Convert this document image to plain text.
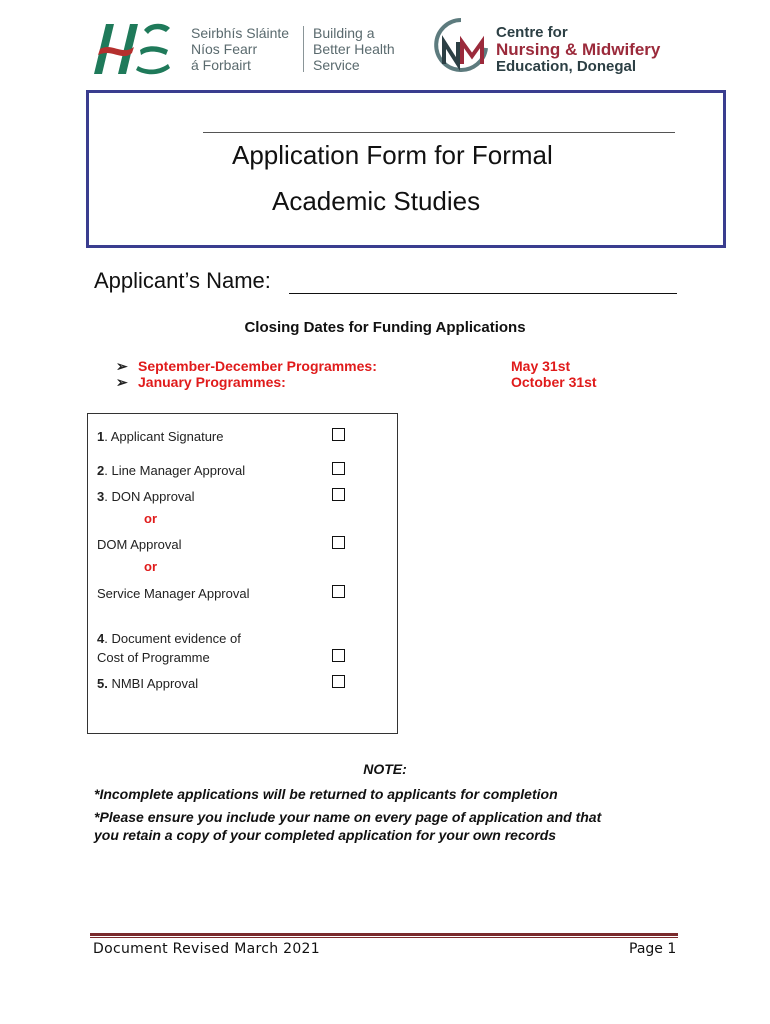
Seirbhís Sláinte
Níos Fearr
á Forbairt
Building a
Better Health
Service
Centre for
Nursing & Midwifery
Education, Donegal
Application Form for Formal
Academic Studies
Applicant’s Name:
Closing Dates for Funding Applications
➢ September-December Programmes:	May 31st
➢ January Programmes:	October 31st
1. Applicant Signature
2. Line Manager Approval
3. DON Approval
or
DOM Approval
or
Service Manager Approval
4. Document evidence of
Cost of Programme
5. NMBI Approval
NOTE:
*Incomplete applications will be returned to applicants for completion
*Please ensure you include your name on every page of application and that
you retain a copy of your completed application for your own records
Document Revised March 2021	Page 1
